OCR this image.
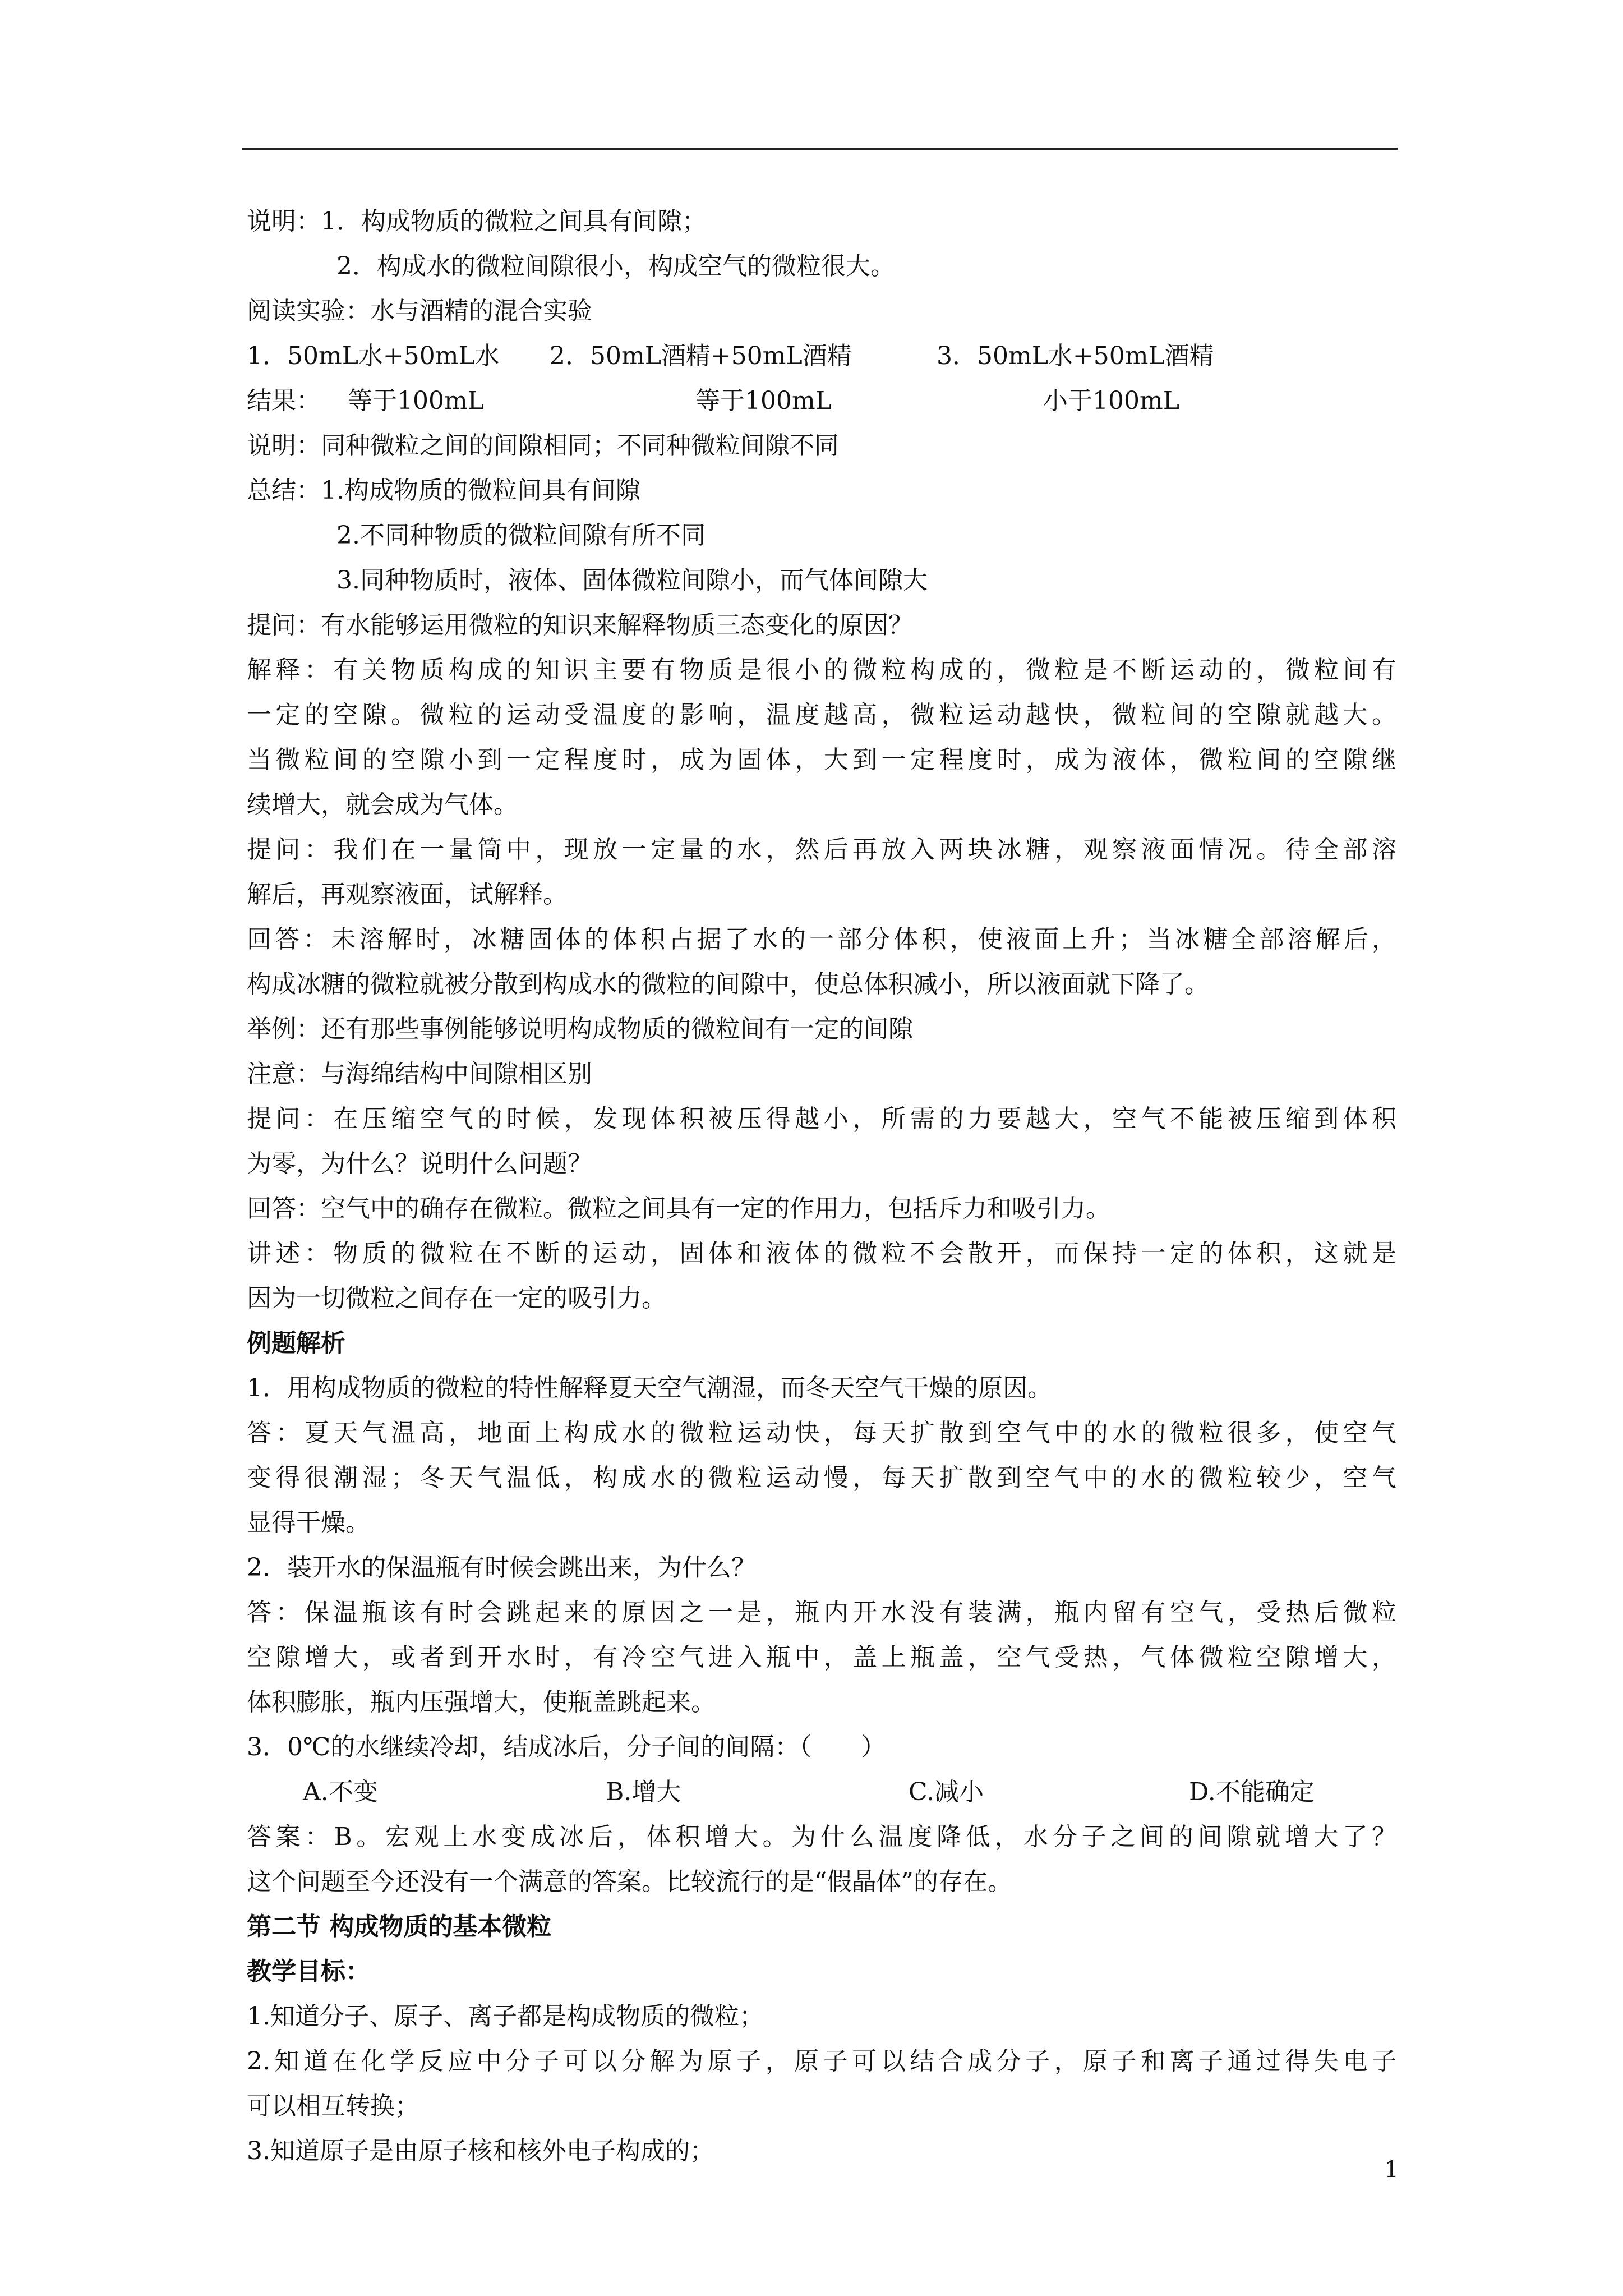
说明：1．构成物质的微粒之间具有间隙；
2．构成水的微粒间隙很小，构成空气的微粒很大。
阅读实验：水与酒精的混合实验
1．50mL水+50mL水 2．50mL酒精+50mL酒精	3．50mL水+50mL酒精
结果： 等于100mL	等于100mL	小于100mL
说明：同种微粒之间的间隙相同；不同种微粒间隙不同
总结：1.构成物质的微粒间具有间隙
2.不同种物质的微粒间隙有所不同
3.同种物质时，液体、固体微粒间隙小，而气体间隙大
提问：有水能够运用微粒的知识来解释物质三态变化的原因？
解释：有关物质构成的知识主要有物质是很小的微粒构成的，微粒是不断运动的，微粒间有
一定的空隙。微粒的运动受温度的影响，温度越高，微粒运动越快，微粒间的空隙就越大。
当微粒间的空隙小到一定程度时，成为固体，大到一定程度时，成为液体，微粒间的空隙继
续增大，就会成为气体。
提问：我们在一量筒中，现放一定量的水，然后再放入两块冰糖，观察液面情况。待全部溶
解后，再观察液面，试解释。
回答：未溶解时，冰糖固体的体积占据了水的一部分体积，使液面上升；当冰糖全部溶解后，
构成冰糖的微粒就被分散到构成水的微粒的间隙中，使总体积减小，所以液面就下降了。
举例：还有那些事例能够说明构成物质的微粒间有一定的间隙
注意：与海绵结构中间隙相区别
提问：在压缩空气的时候，发现体积被压得越小，所需的力要越大，空气不能被压缩到体积
为零，为什么？说明什么问题？
回答：空气中的确存在微粒。微粒之间具有一定的作用力，包括斥力和吸引力。
讲述：物质的微粒在不断的运动，固体和液体的微粒不会散开，而保持一定的体积，这就是
因为一切微粒之间存在一定的吸引力。
例题解析
1．用构成物质的微粒的特性解释夏天空气潮湿，而冬天空气干燥的原因。
答：夏天气温高，地面上构成水的微粒运动快，每天扩散到空气中的水的微粒很多，使空气
变得很潮湿；冬天气温低，构成水的微粒运动慢，每天扩散到空气中的水的微粒较少，空气
显得干燥。
2．装开水的保温瓶有时候会跳出来，为什么？
答：保温瓶该有时会跳起来的原因之一是，瓶内开水没有装满，瓶内留有空气，受热后微粒
空隙增大，或者到开水时，有冷空气进入瓶中，盖上瓶盖，空气受热，气体微粒空隙增大，
体积膨胀，瓶内压强增大，使瓶盖跳起来。
3．0℃的水继续冷却，结成冰后，分子间的间隔：（　　）
A.不变	B.增大	C.减小	D.不能确定
答案：B。宏观上水变成冰后，体积增大。为什么温度降低，水分子之间的间隙就增大了？
这个问题至今还没有一个满意的答案。比较流行的是“假晶体”的存在。
第二节 构成物质的基本微粒
教学目标：
1.知道分子、原子、离子都是构成物质的微粒；
2.知道在化学反应中分子可以分解为原子，原子可以结合成分子，原子和离子通过得失电子
可以相互转换；
3.知道原子是由原子核和核外电子构成的；
1
